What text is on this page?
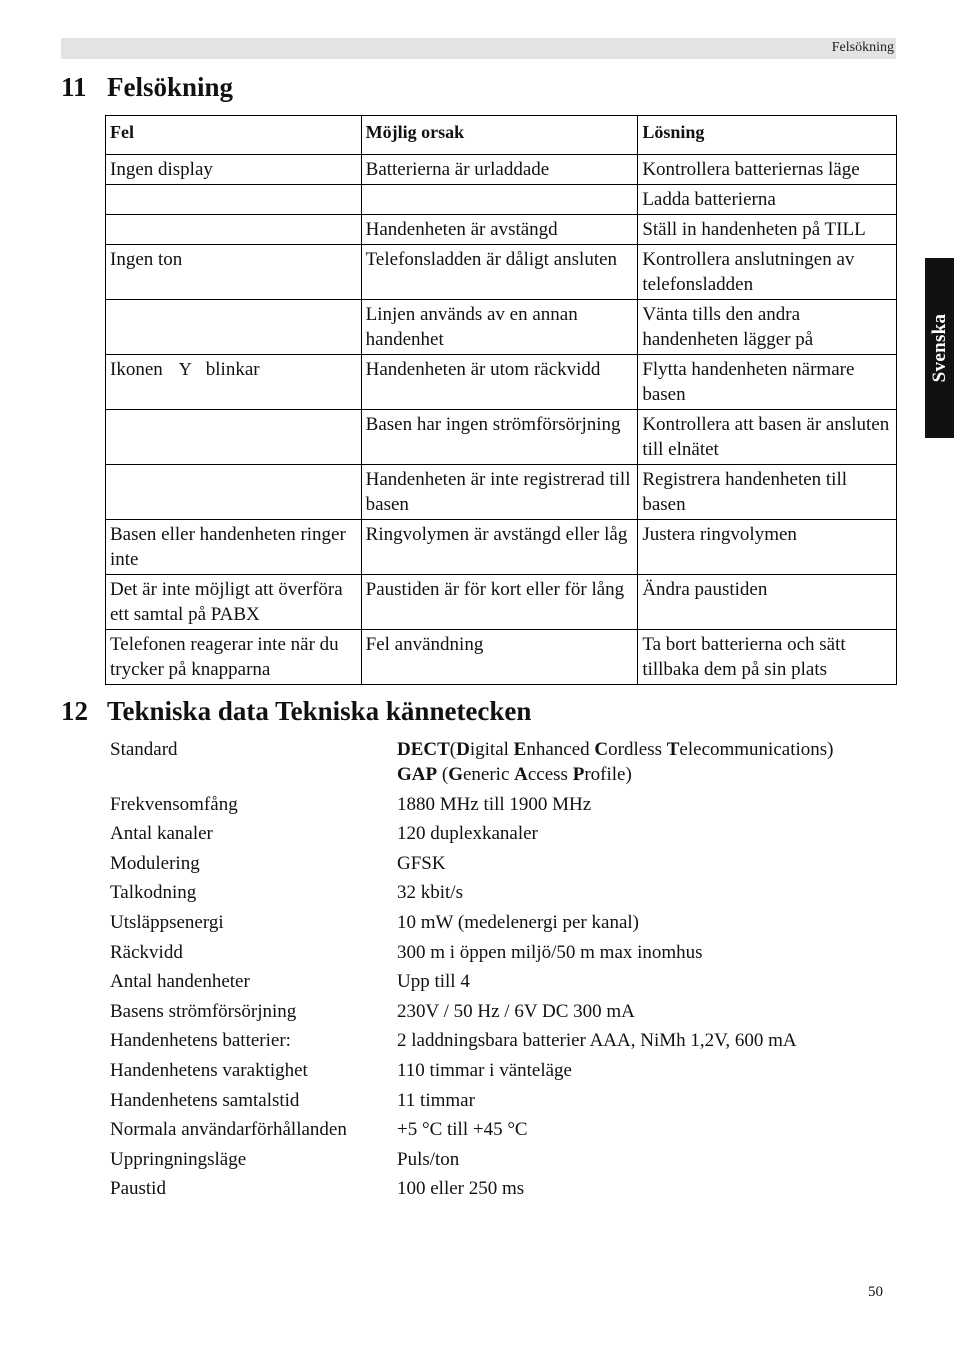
Felsökning
Svenska
11 Felsökning
Fel	Möjlig orsak	Lösning
Ingen display	Batterierna är urladdade	Kontrollera batteriernas läge
		Ladda batterierna
	Handenheten är avstängd	Ställ in handenheten på TILL
Ingen ton	Telefonsladden är dåligt ansluten	Kontrollera anslutningen av telefonsladden
	Linjen används av en annan handenhet	Vänta tills den andra handenheten lägger på
Ikonen Y blinkar	Handenheten är utom räckvidd	Flytta handenheten närmare basen
	Basen har ingen strömförsörjning	Kontrollera att basen är ansluten till elnätet
	Handenheten är inte registrerad till basen	Registrera handenheten till basen
Basen eller handenheten ringer inte	Ringvolymen är avstängd eller låg	Justera ringvolymen
Det är inte möjligt att överföra ett samtal på PABX	Paustiden är för kort eller för lång	Ändra paustiden
Telefonen reagerar inte när du trycker på knapparna	Fel användning	Ta bort batterierna och sätt tillbaka dem på sin plats
12 Tekniska data Tekniska kännetecken
Standard	DECT(Digital Enhanced Cordless Telecommunications)
GAP (Generic Access Profile)

Frekvensomfång	1880 MHz till 1900 MHz
Antal kanaler	120 duplexkanaler
Modulering	GFSK
Talkodning	32 kbit/s
Utsläppsenergi	10 mW (medelenergi per kanal)
Räckvidd	300 m i öppen miljö/50 m max inomhus
Antal handenheter	Upp till 4
Basens strömförsörjning	230V / 50 Hz / 6V DC 300 mA
Handenhetens batterier:	2 laddningsbara batterier AAA, NiMh 1,2V, 600 mA
Handenhetens varaktighet	110 timmar i vänteläge
Handenhetens samtalstid	11 timmar
Normala användarförhållanden	+5 °C till +45 °C
Uppringningsläge	Puls/ton
Paustid	100 eller 250 ms
50
